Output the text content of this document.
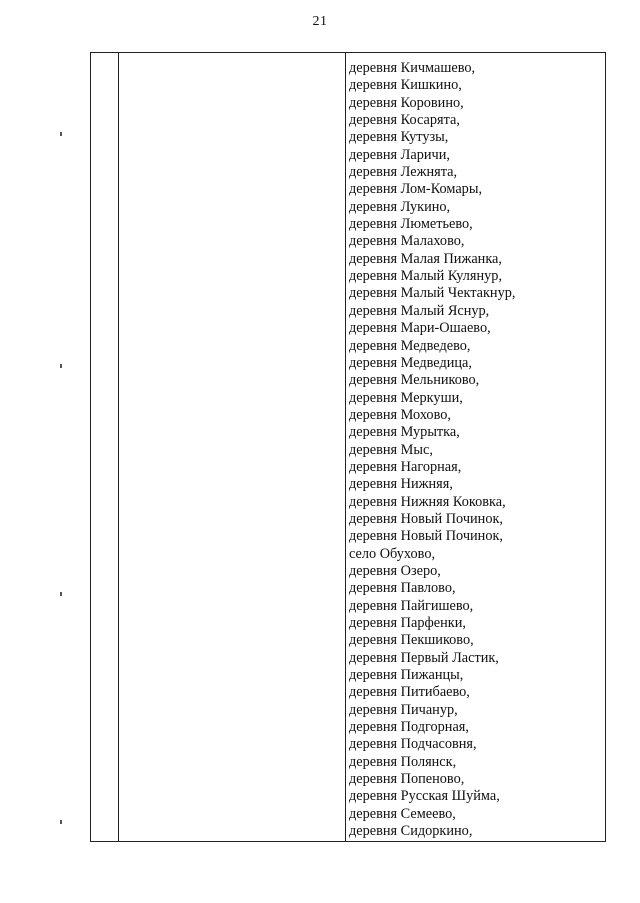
21
деревня Кичмашево,
деревня Кишкино,
деревня Коровино,
деревня Косарята,
деревня Кутузы,
деревня Ларичи,
деревня Лежнята,
деревня Лом-Комары,
деревня Лукино,
деревня Люметьево,
деревня Малахово,
деревня Малая Пижанка,
деревня Малый Кулянур,
деревня Малый Чектакнур,
деревня Малый Яснур,
деревня Мари-Ошаево,
деревня Медведево,
деревня Медведица,
деревня Мельниково,
деревня Меркуши,
деревня Мохово,
деревня Мурытка,
деревня Мыс,
деревня Нагорная,
деревня Нижняя,
деревня Нижняя Коковка,
деревня Новый Починок,
деревня Новый Починок,
село Обухово,
деревня Озеро,
деревня Павлово,
деревня Пайгишево,
деревня Парфенки,
деревня Пекшиково,
деревня Первый Ластик,
деревня Пижанцы,
деревня Питибаево,
деревня Пичанур,
деревня Подгорная,
деревня Подчасовня,
деревня Полянск,
деревня Попеново,
деревня Русская Шуйма,
деревня Семеево,
деревня Сидоркино,
